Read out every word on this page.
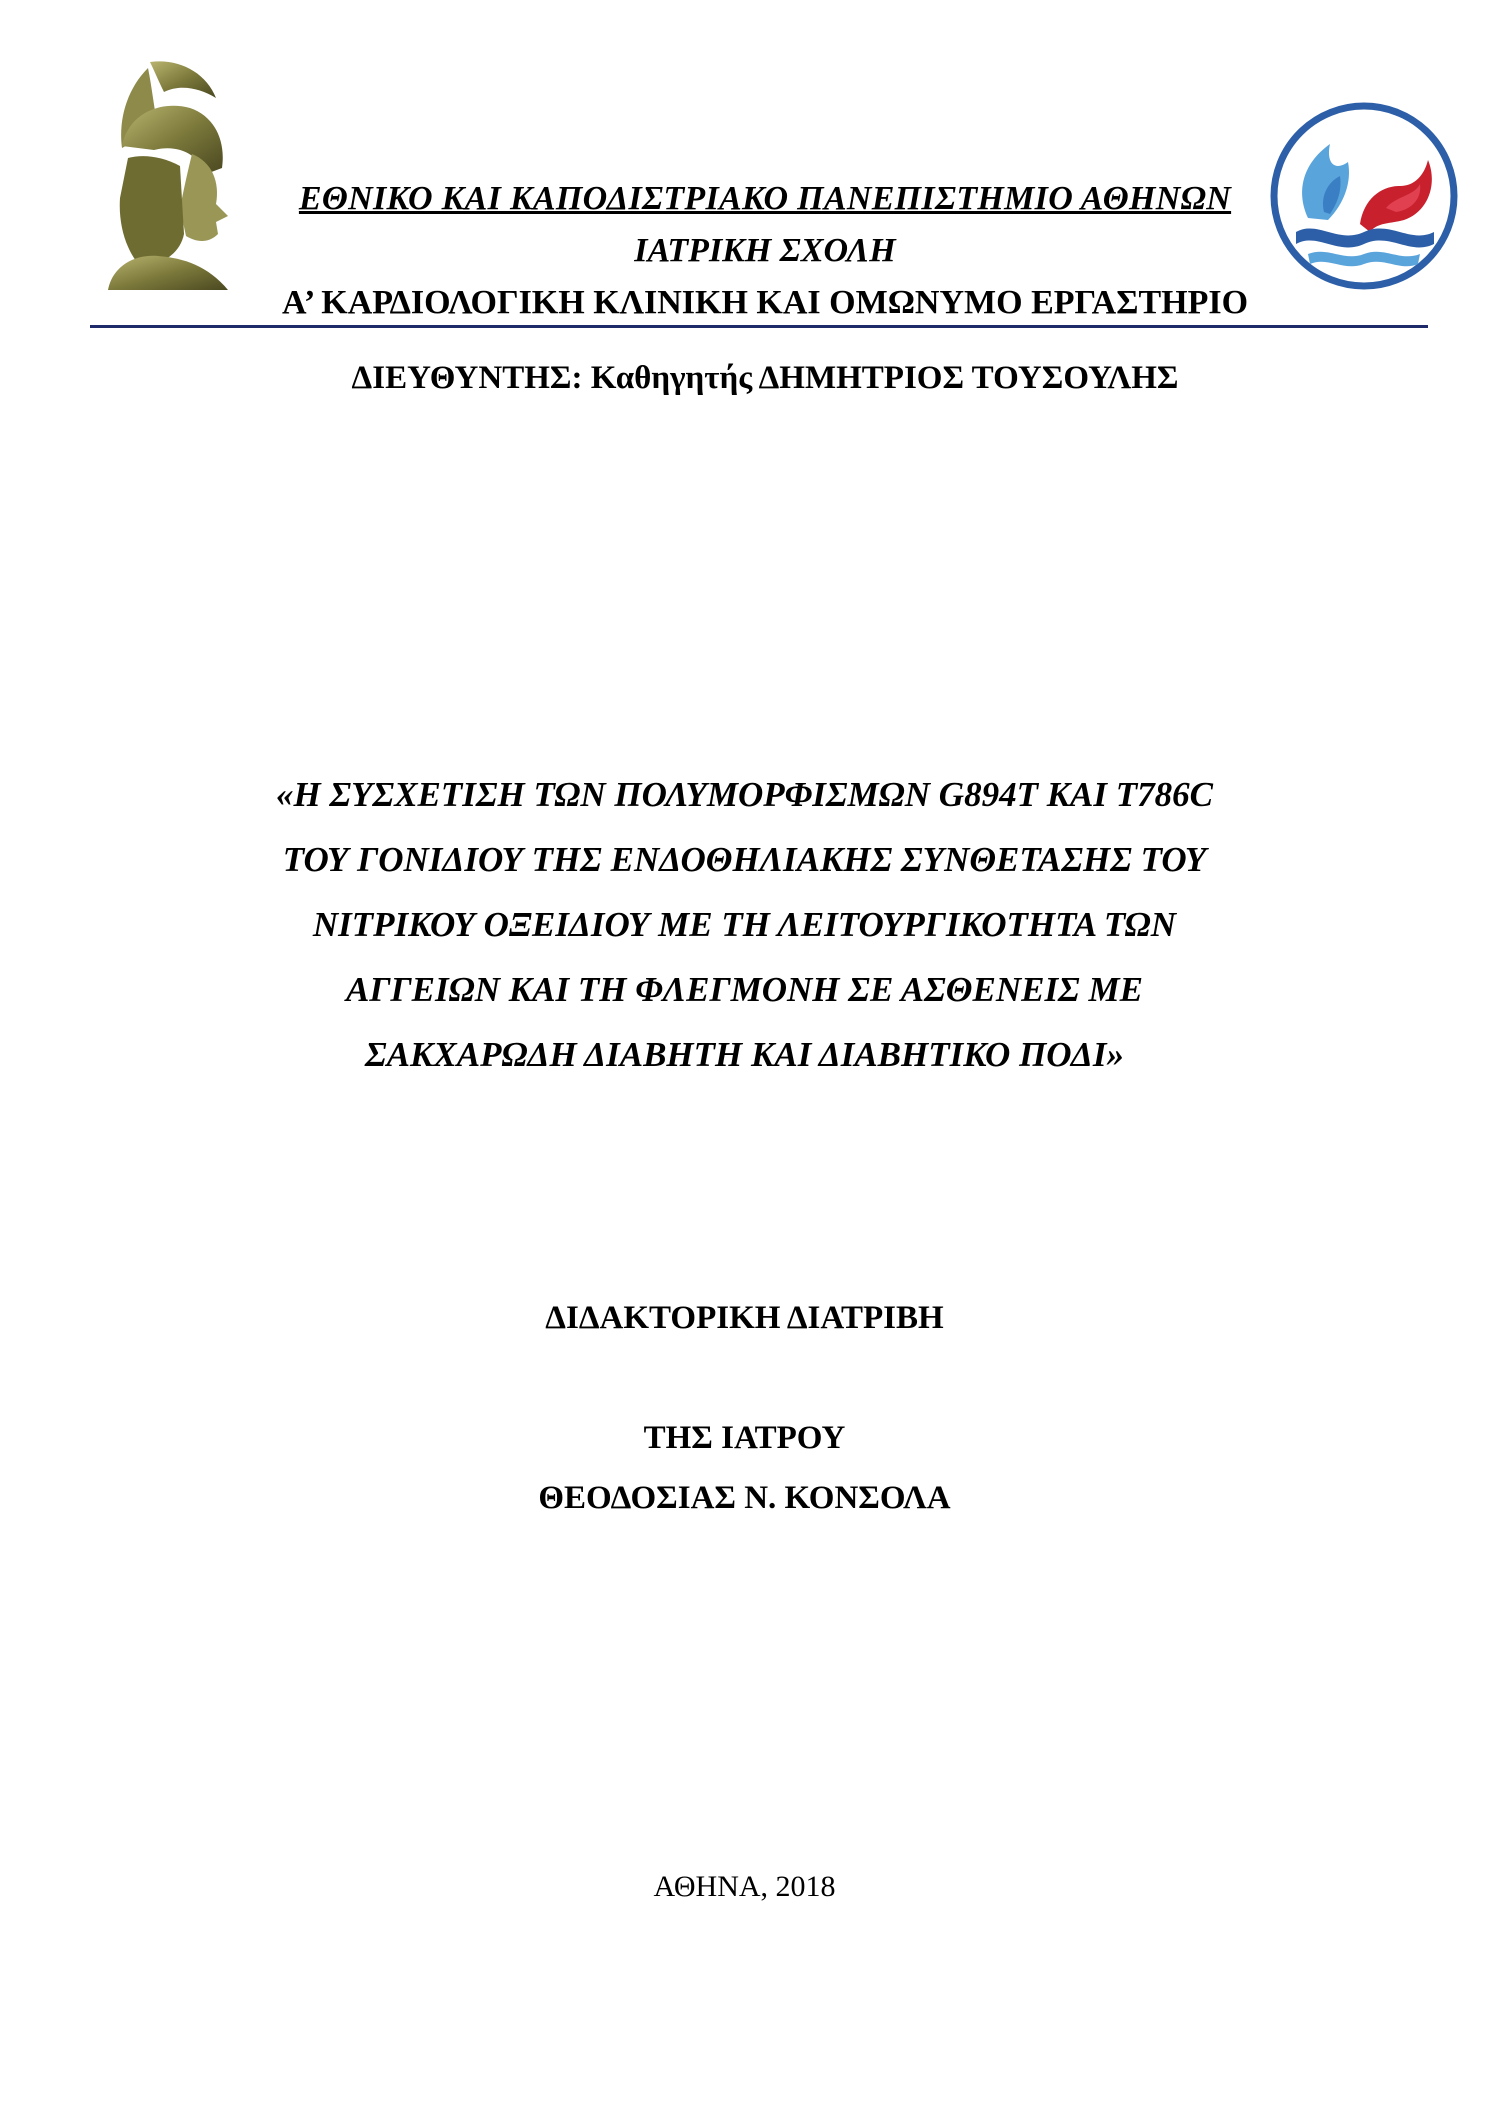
ΕΘΝΙΚΟ ΚΑΙ ΚΑΠΟΔΙΣΤΡΙΑΚΟ ΠΑΝΕΠΙΣΤΗΜΙΟ ΑΘΗΝΩΝ
ΙΑΤΡΙΚΗ ΣΧΟΛΗ
Α’ ΚΑΡΔΙΟΛΟΓΙΚΗ ΚΛΙΝΙΚΗ ΚΑΙ ΟΜΩΝΥΜΟ ΕΡΓΑΣΤΗΡΙΟ
ΔΙΕΥΘΥΝΤΗΣ: Καθηγητής ΔΗΜΗΤΡΙΟΣ ΤΟΥΣΟΥΛΗΣ
«Η ΣΥΣΧΕΤΙΣΗ ΤΩΝ ΠΟΛΥΜΟΡΦΙΣΜΩΝ G894T ΚΑΙ T786C
ΤΟΥ ΓΟΝΙΔΙΟΥ ΤΗΣ ΕΝΔΟΘΗΛΙΑΚΗΣ ΣΥΝΘΕΤΑΣΗΣ ΤΟΥ
ΝΙΤΡΙΚΟΥ ΟΞΕΙΔΙΟΥ ΜΕ ΤΗ ΛΕΙΤΟΥΡΓΙΚΟΤΗΤΑ ΤΩΝ
ΑΓΓΕΙΩΝ ΚΑΙ ΤΗ ΦΛΕΓΜΟΝΗ ΣΕ ΑΣΘΕΝΕΙΣ ΜΕ
ΣΑΚΧΑΡΩΔΗ ΔΙΑΒΗΤΗ ΚΑΙ ΔΙΑΒΗΤΙΚΟ ΠΟΔΙ»
ΔΙΔΑΚΤΟΡΙΚΗ ΔΙΑΤΡΙΒΗ
ΤΗΣ ΙΑΤΡΟΥ
ΘΕΟΔΟΣΙΑΣ Ν. ΚΟΝΣΟΛΑ
ΑΘΗΝΑ, 2018
